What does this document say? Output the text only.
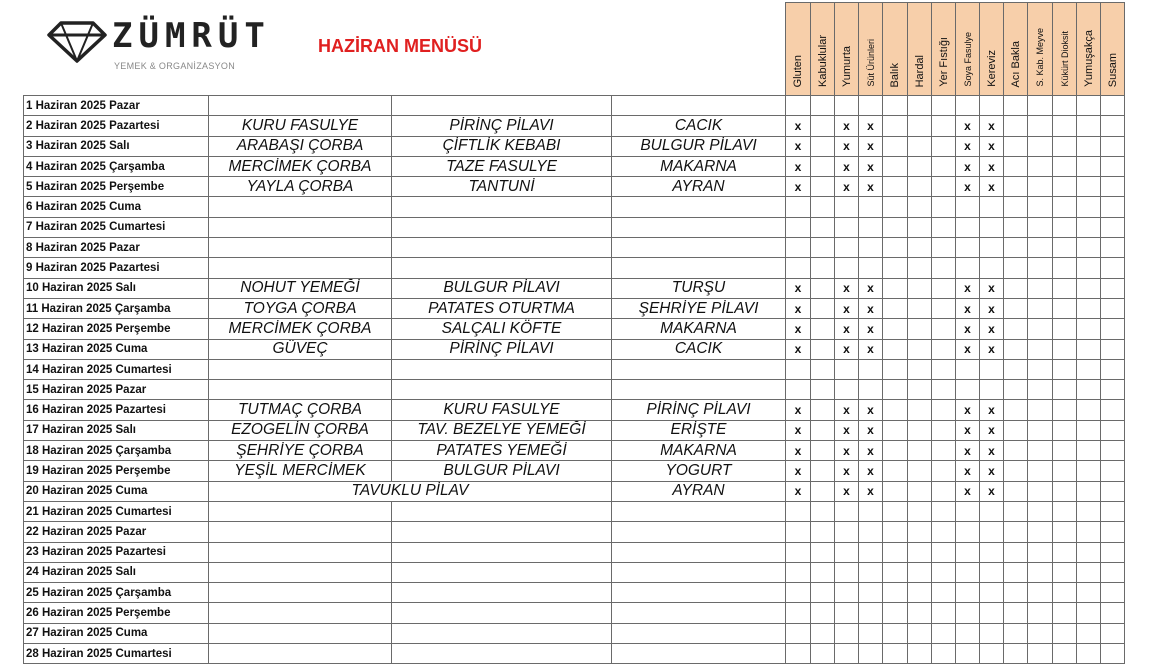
ZÜMRÜT
YEMEK & ORGANİZASYON
HAZİRAN MENÜSÜ
				Gluten	Kabuklular	Yumurta	Süt Ürünleri	Balık	Hardal	Yer Fıstığı	Soya Fasulye	Kereviz	Acı Bakla	S. Kab. Meyve	Kükürt Dioksit	Yumuşakça	Susam
1 Haziran 2025 Pazar																	
2 Haziran 2025 Pazartesi	KURU FASULYE	PİRİNÇ PİLAVI	CACIK	x		x	x				x	x					
3 Haziran 2025 Salı	ARABAŞI ÇORBA	ÇİFTLİK KEBABI	BULGUR PİLAVI	x		x	x				x	x					
4 Haziran 2025 Çarşamba	MERCİMEK ÇORBA	TAZE FASULYE	MAKARNA	x		x	x				x	x					
5 Haziran 2025 Perşembe	YAYLA ÇORBA	TANTUNİ	AYRAN	x		x	x				x	x					
6 Haziran 2025 Cuma																	
7 Haziran 2025 Cumartesi																	
8 Haziran 2025 Pazar																	
9 Haziran 2025 Pazartesi																	
10 Haziran 2025 Salı	NOHUT YEMEĞİ	BULGUR PİLAVI	TURŞU	x		x	x				x	x					
11 Haziran 2025 Çarşamba	TOYGA ÇORBA	PATATES OTURTMA	ŞEHRİYE PİLAVI	x		x	x				x	x					
12 Haziran 2025 Perşembe	MERCİMEK ÇORBA	SALÇALI KÖFTE	MAKARNA	x		x	x				x	x					
13 Haziran 2025 Cuma	GÜVEÇ	PİRİNÇ PİLAVI	CACIK	x		x	x				x	x					
14 Haziran 2025 Cumartesi																	
15 Haziran 2025 Pazar																	
16 Haziran 2025 Pazartesi	TUTMAÇ ÇORBA	KURU FASULYE	PİRİNÇ PİLAVI	x		x	x				x	x					
17 Haziran 2025 Salı	EZOGELİN ÇORBA	TAV. BEZELYE YEMEĞİ	ERİŞTE	x		x	x				x	x					
18 Haziran 2025 Çarşamba	ŞEHRİYE ÇORBA	PATATES YEMEĞİ	MAKARNA	x		x	x				x	x					
19 Haziran 2025 Perşembe	YEŞİL MERCİMEK	BULGUR PİLAVI	YOGURT	x		x	x				x	x					
20 Haziran 2025 Cuma	TAVUKLU PİLAV		AYRAN	x		x	x				x	x					
21 Haziran 2025 Cumartesi																	
22 Haziran 2025 Pazar																	
23 Haziran 2025 Pazartesi																	
24 Haziran 2025 Salı																	
25 Haziran 2025 Çarşamba																	
26 Haziran 2025 Perşembe																	
27 Haziran 2025 Cuma																	
28 Haziran 2025 Cumartesi																	
